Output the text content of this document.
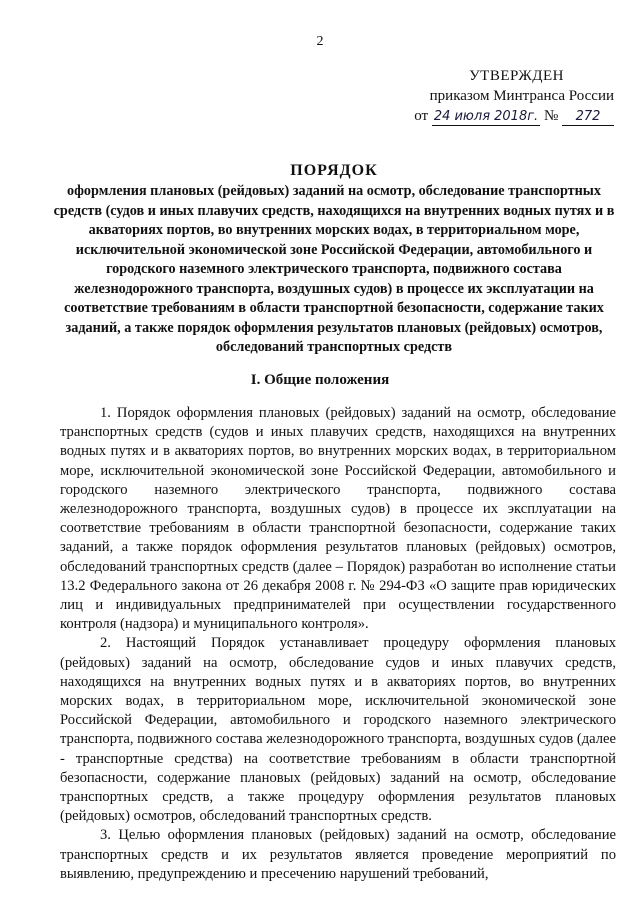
2
УТВЕРЖДЕН
приказом Минтранса России
от 24 июля 2018г. № 272
ПОРЯДОК
оформления плановых (рейдовых) заданий на осмотр, обследование транспортных средств (судов и иных плавучих средств, находящихся на внутренних водных путях и в акваториях портов, во внутренних морских водах, в территориальном море, исключительной экономической зоне Российской Федерации, автомобильного и городского наземного электрического транспорта, подвижного состава железнодорожного транспорта, воздушных судов) в процессе их эксплуатации на соответствие требованиям в области транспортной безопасности, содержание таких заданий, а также порядок оформления результатов плановых (рейдовых) осмотров, обследований транспортных средств
I. Общие положения

1. Порядок оформления плановых (рейдовых) заданий на осмотр, обследование транспортных средств (судов и иных плавучих средств, находящихся на внутренних водных путях и в акваториях портов, во внутренних морских водах, в территориальном море, исключительной экономической зоне Российской Федерации, автомобильного и городского наземного электрического транспорта, подвижного состава железнодорожного транспорта, воздушных судов) в процессе их эксплуатации на соответствие требованиям в области транспортной безопасности, содержание таких заданий, а также порядок оформления результатов плановых (рейдовых) осмотров, обследований транспортных средств (далее – Порядок) разработан во исполнение статьи 13.2 Федерального закона от 26 декабря 2008 г. № 294-ФЗ «О защите прав юридических лиц и индивидуальных предпринимателей при осуществлении государственного контроля (надзора) и муниципального контроля».

2. Настоящий Порядок устанавливает процедуру оформления плановых (рейдовых) заданий на осмотр, обследование судов и иных плавучих средств, находящихся на внутренних водных путях и в акваториях портов, во внутренних морских водах, в территориальном море, исключительной экономической зоне Российской Федерации, автомобильного и городского наземного электрического транспорта, подвижного состава железнодорожного транспорта, воздушных судов (далее - транспортные средства) на соответствие требованиям в области транспортной безопасности, содержание плановых (рейдовых) заданий на осмотр, обследование транспортных средств, а также процедуру оформления результатов плановых (рейдовых) осмотров, обследований транспортных средств.

3. Целью оформления плановых (рейдовых) заданий на осмотр, обследование транспортных средств и их результатов является проведение мероприятий по выявлению, предупреждению и пресечению нарушений требований,
